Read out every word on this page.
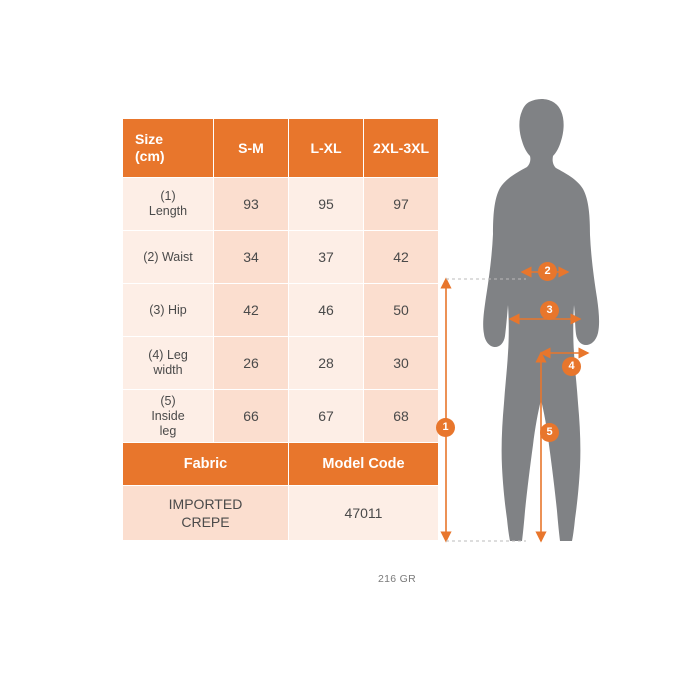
Size
(cm)	S-M	L-XL	2XL-3XL

(1)
Length	93	95	97
(2) Waist	34	37	42
(3) Hip	42	46	50

(4) Leg
width	26	28	30

(5)
Inside
leg	66	67	68
Fabric		Model Code	

IMPORTED
CREPE		47011	
216 GR
1
2
3
4
5
